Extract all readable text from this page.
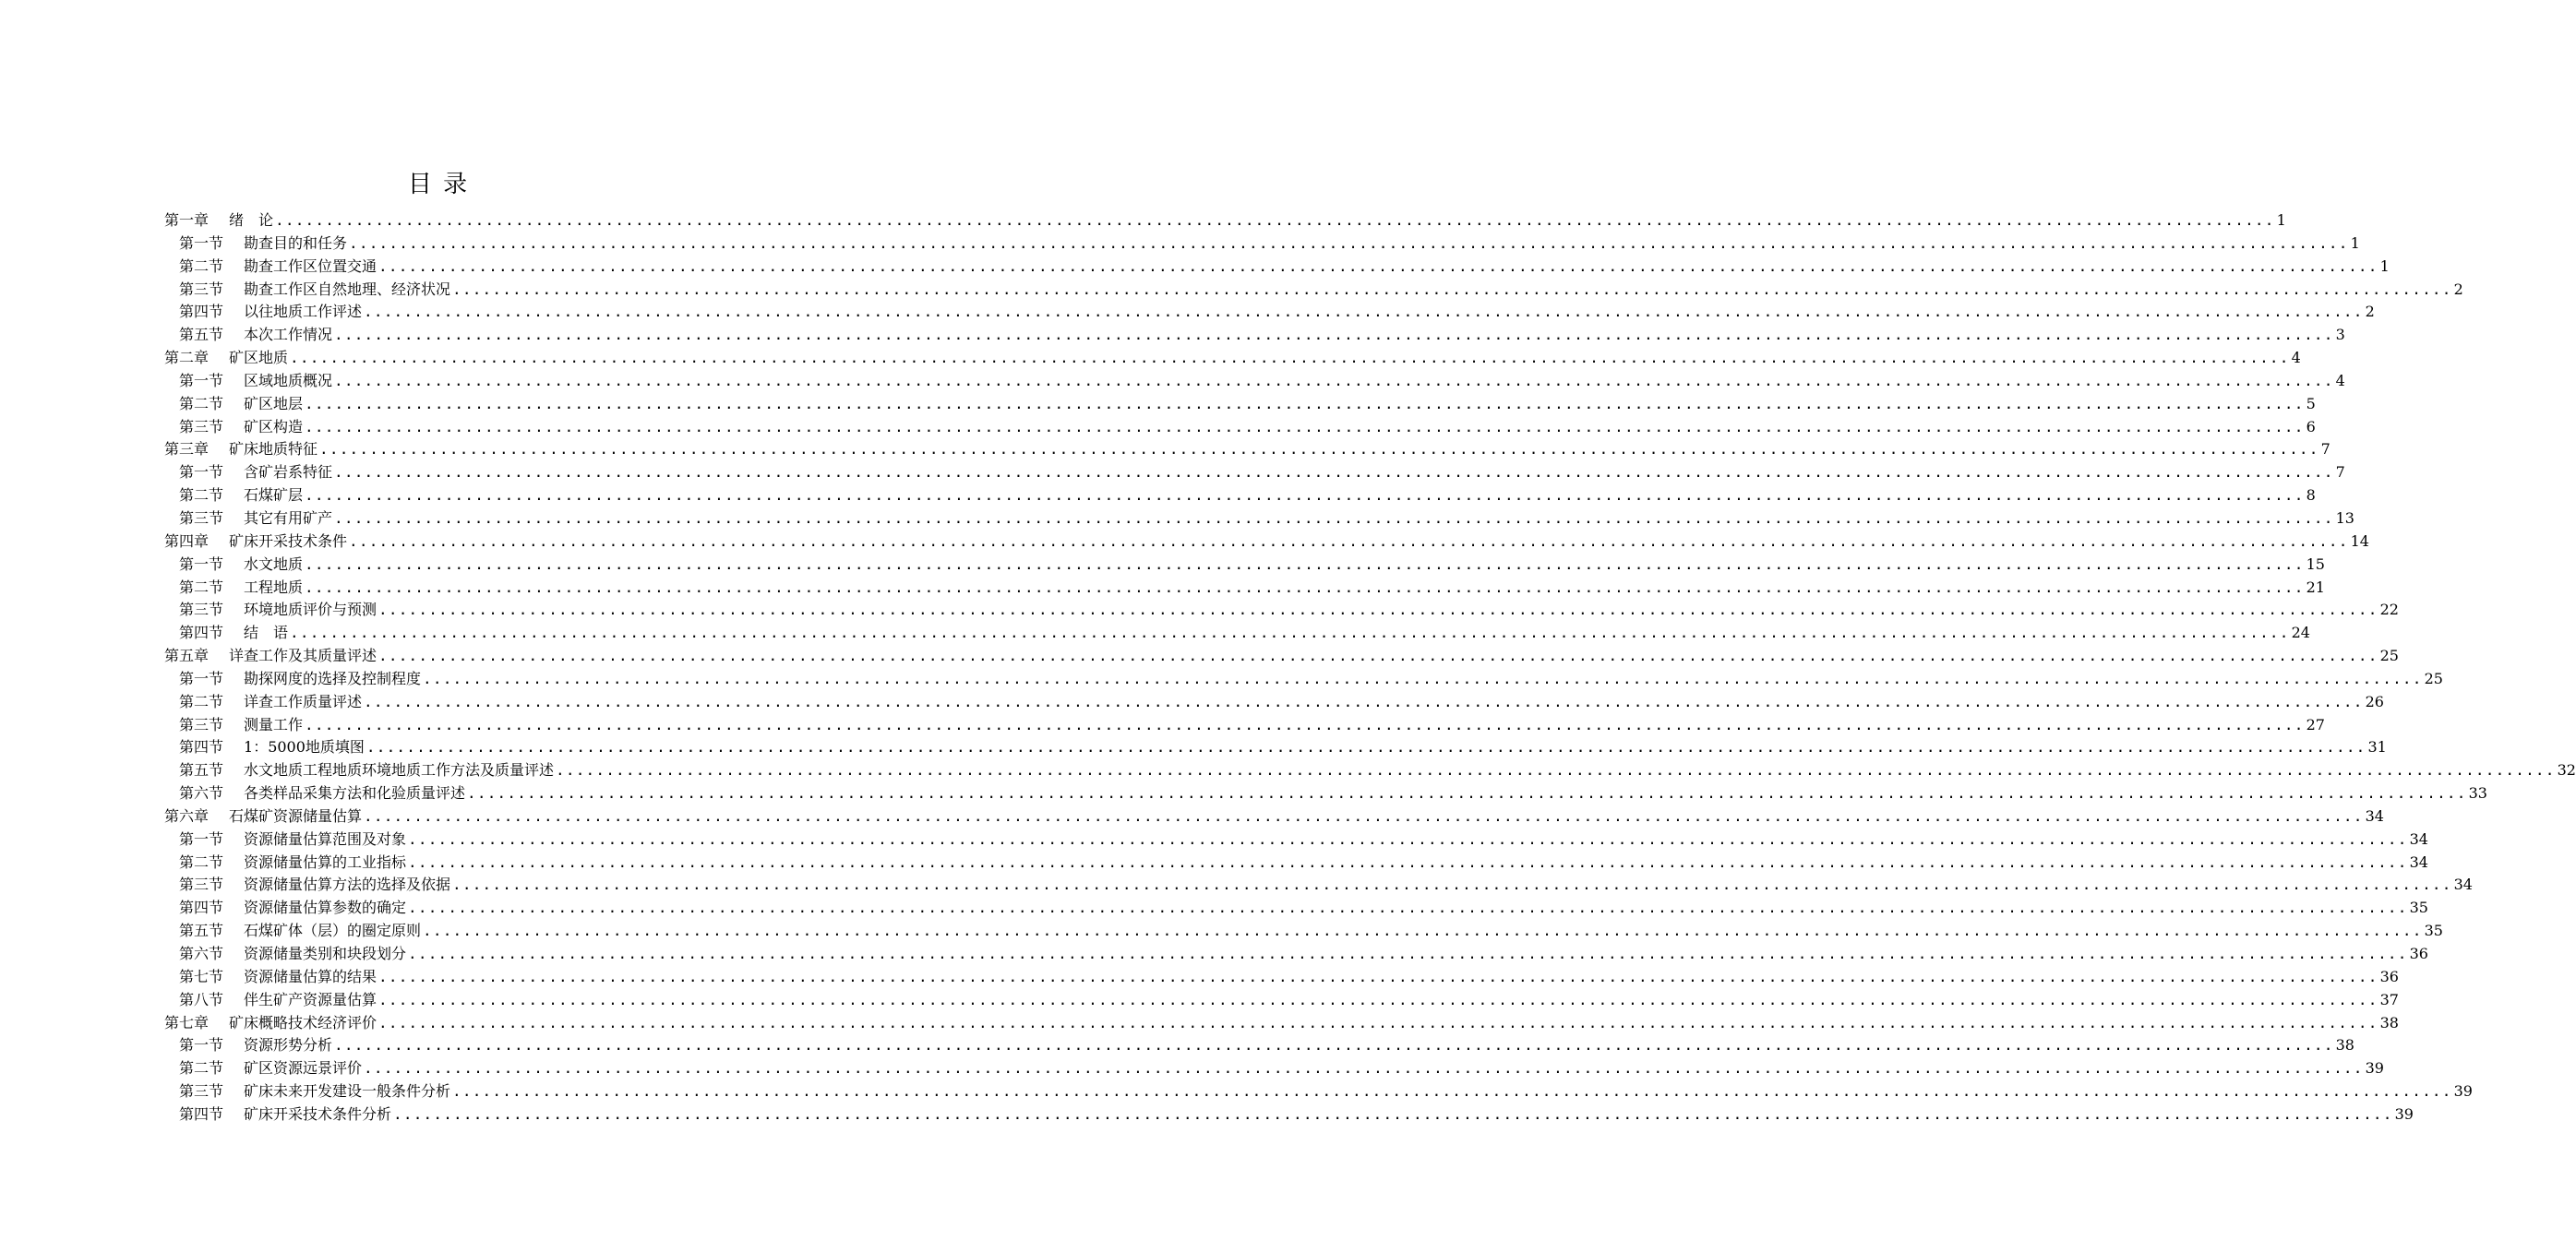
目 录
第一章 绪　论 ........................................................................................................................................................................................................ 1
第一节 勘查目的和任务 ........................................................................................................................................................................................................ 1
第二节 勘查工作区位置交通 ........................................................................................................................................................................................................ 1
第三节 勘查工作区自然地理、经济状况 ........................................................................................................................................................................................................ 2
第四节 以往地质工作评述 ........................................................................................................................................................................................................ 2
第五节 本次工作情况 ........................................................................................................................................................................................................ 3
第二章 矿区地质 ........................................................................................................................................................................................................ 4
第一节 区域地质概况 ........................................................................................................................................................................................................ 4
第二节 矿区地层 ........................................................................................................................................................................................................ 5
第三节 矿区构造 ........................................................................................................................................................................................................ 6
第三章 矿床地质特征 ........................................................................................................................................................................................................ 7
第一节 含矿岩系特征 ........................................................................................................................................................................................................ 7
第二节 石煤矿层 ........................................................................................................................................................................................................ 8
第三节 其它有用矿产 ........................................................................................................................................................................................................ 13
第四章 矿床开采技术条件 ........................................................................................................................................................................................................ 14
第一节 水文地质 ........................................................................................................................................................................................................ 15
第二节 工程地质 ........................................................................................................................................................................................................ 21
第三节 环境地质评价与预测 ........................................................................................................................................................................................................ 22
第四节 结　语 ........................................................................................................................................................................................................ 24
第五章 详查工作及其质量评述 ........................................................................................................................................................................................................ 25
第一节 勘探网度的选择及控制程度 ........................................................................................................................................................................................................ 25
第二节 详查工作质量评述 ........................................................................................................................................................................................................ 26
第三节 测量工作 ........................................................................................................................................................................................................ 27
第四节 1：5000地质填图 ........................................................................................................................................................................................................ 31
第五节 水文地质工程地质环境地质工作方法及质量评述 ........................................................................................................................................................................................................ 32
第六节 各类样品采集方法和化验质量评述 ........................................................................................................................................................................................................ 33
第六章 石煤矿资源储量估算 ........................................................................................................................................................................................................ 34
第一节 资源储量估算范围及对象 ........................................................................................................................................................................................................ 34
第二节 资源储量估算的工业指标 ........................................................................................................................................................................................................ 34
第三节 资源储量估算方法的选择及依据 ........................................................................................................................................................................................................ 34
第四节 资源储量估算参数的确定 ........................................................................................................................................................................................................ 35
第五节 石煤矿体（层）的圈定原则 ........................................................................................................................................................................................................ 35
第六节 资源储量类别和块段划分 ........................................................................................................................................................................................................ 36
第七节 资源储量估算的结果 ........................................................................................................................................................................................................ 36
第八节 伴生矿产资源量估算 ........................................................................................................................................................................................................ 37
第七章 矿床概略技术经济评价 ........................................................................................................................................................................................................ 38
第一节 资源形势分析 ........................................................................................................................................................................................................ 38
第二节 矿区资源远景评价 ........................................................................................................................................................................................................ 39
第三节 矿床未来开发建设一般条件分析 ........................................................................................................................................................................................................ 39
第四节 矿床开采技术条件分析 ........................................................................................................................................................................................................ 39
